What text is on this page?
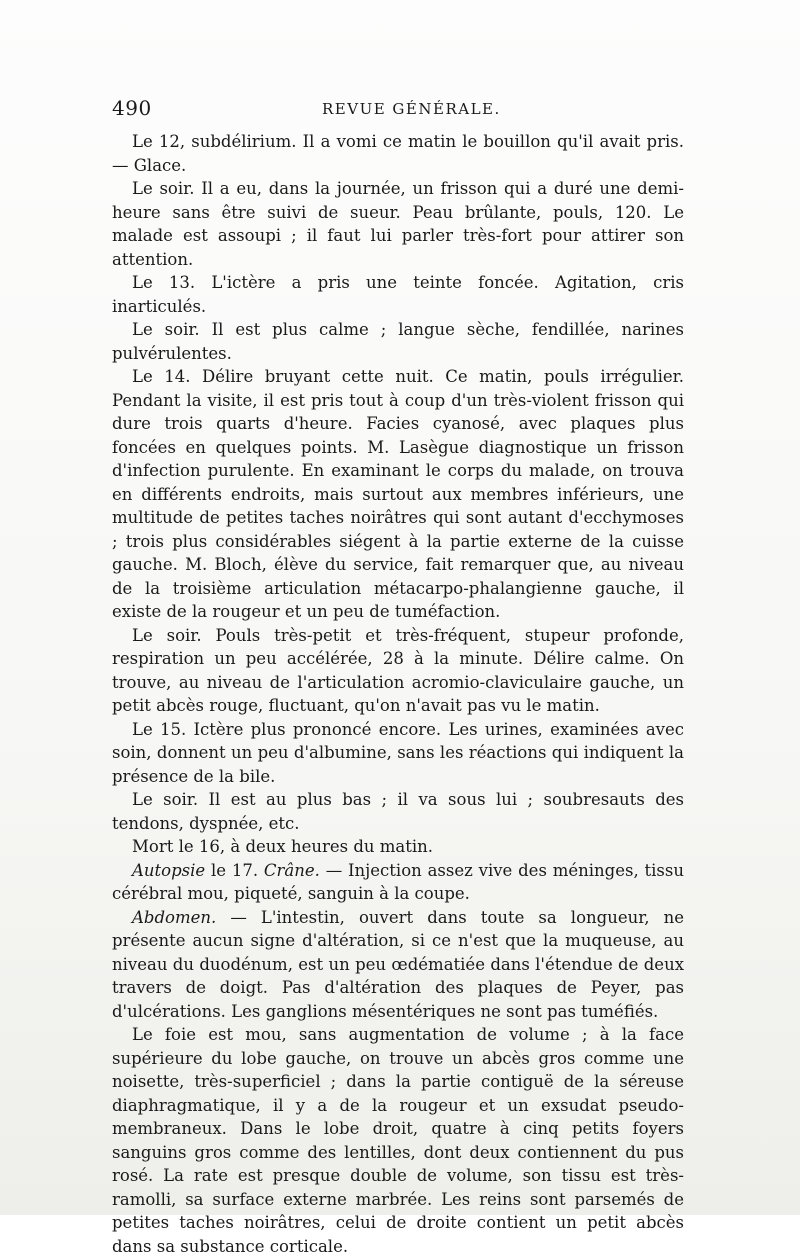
490	REVUE GÉNÉRALE.

Le 12, subdélirium. Il a vomi ce matin le bouillon qu'il avait pris. — Glace.

Le soir. Il a eu, dans la journée, un frisson qui a duré une demi-heure sans être suivi de sueur. Peau brûlante, pouls, 120. Le malade est assoupi ; il faut lui parler très-fort pour attirer son attention.

Le 13. L'ictère a pris une teinte foncée. Agitation, cris inarticulés.

Le soir. Il est plus calme ; langue sèche, fendillée, narines pulvérulentes.

Le 14. Délire bruyant cette nuit. Ce matin, pouls irrégulier. Pendant la visite, il est pris tout à coup d'un très-violent frisson qui dure trois quarts d'heure. Facies cyanosé, avec plaques plus foncées en quelques points. M. Lasègue diagnostique un frisson d'infection purulente. En examinant le corps du malade, on trouva en différents endroits, mais surtout aux membres inférieurs, une multitude de petites taches noirâtres qui sont autant d'ecchymoses ; trois plus considérables siégent à la partie externe de la cuisse gauche. M. Bloch, élève du service, fait remarquer que, au niveau de la troisième articulation métacarpo-phalangienne gauche, il existe de la rougeur et un peu de tuméfaction.

Le soir. Pouls très-petit et très-fréquent, stupeur profonde, respiration un peu accélérée, 28 à la minute. Délire calme. On trouve, au niveau de l'articulation acromio-claviculaire gauche, un petit abcès rouge, fluctuant, qu'on n'avait pas vu le matin.

Le 15. Ictère plus prononcé encore. Les urines, examinées avec soin, donnent un peu d'albumine, sans les réactions qui indiquent la présence de la bile.

Le soir. Il est au plus bas ; il va sous lui ; soubresauts des tendons, dyspnée, etc.

Mort le 16, à deux heures du matin.

Autopsie le 17. Crâne. — Injection assez vive des méninges, tissu cérébral mou, piqueté, sanguin à la coupe.

Abdomen. — L'intestin, ouvert dans toute sa longueur, ne présente aucun signe d'altération, si ce n'est que la muqueuse, au niveau du duodénum, est un peu œdématiée dans l'étendue de deux travers de doigt. Pas d'altération des plaques de Peyer, pas d'ulcérations. Les ganglions mésentériques ne sont pas tuméfiés.

Le foie est mou, sans augmentation de volume ; à la face supérieure du lobe gauche, on trouve un abcès gros comme une noisette, très-superficiel ; dans la partie contiguë de la séreuse diaphragmatique, il y a de la rougeur et un exsudat pseudo-membraneux. Dans le lobe droit, quatre à cinq petits foyers sanguins gros comme des lentilles, dont deux contiennent du pus rosé. La rate est presque double de volume, son tissu est très-ramolli, sa surface externe marbrée. Les reins sont parsemés de petites taches noirâtres, celui de droite contient un petit abcès dans sa substance corticale.
